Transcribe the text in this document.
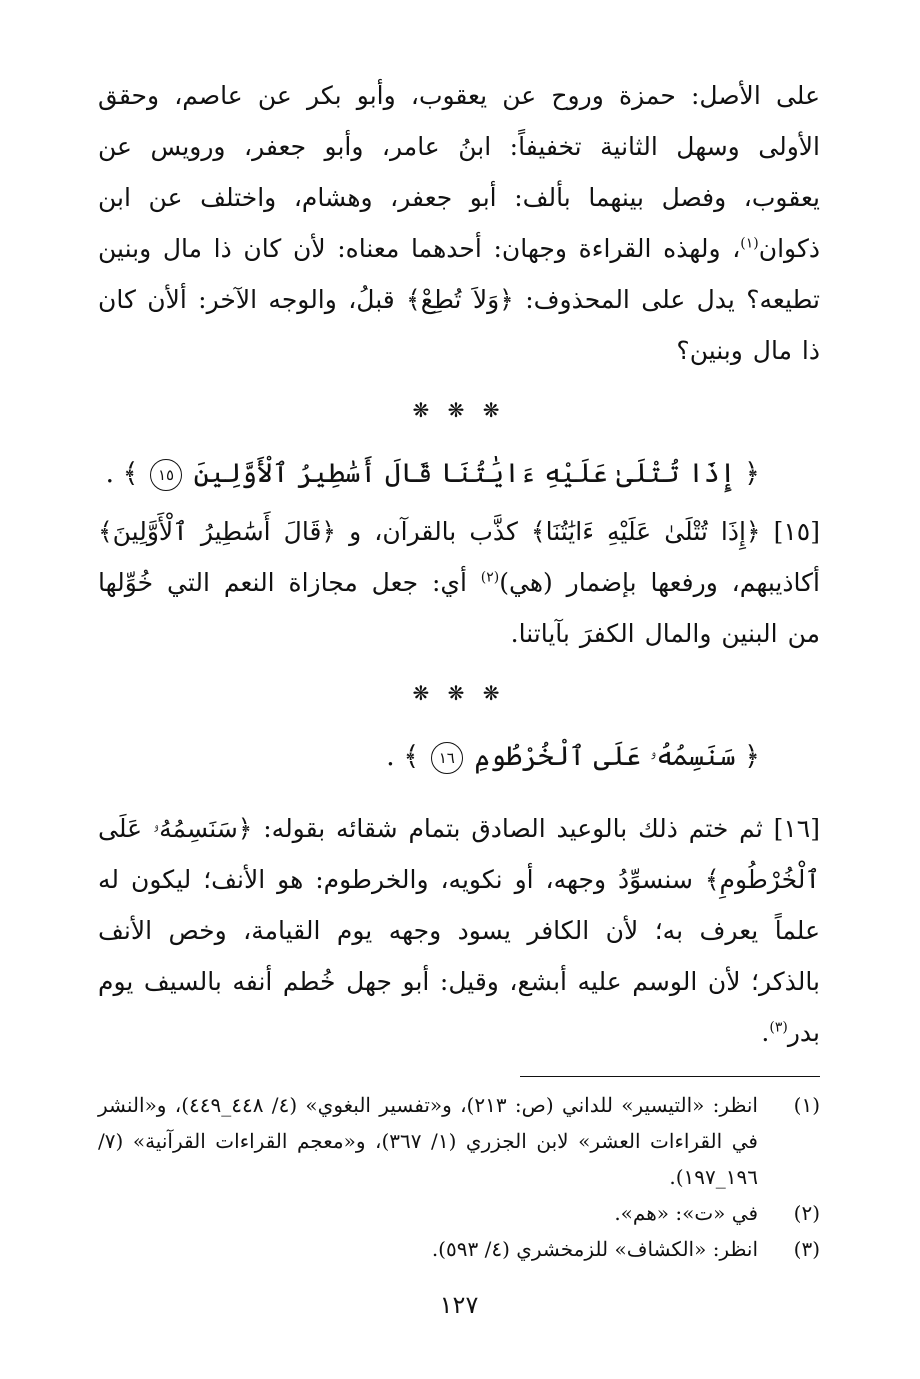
على الأصل: حمزة وروح عن يعقوب، وأبو بكر عن عاصم، وحقق الأولى وسهل الثانية تخفيفاً: ابنُ عامر، وأبو جعفر، ورويس عن يعقوب، وفصل بينهما بألف: أبو جعفر، وهشام، واختلف عن ابن ذكوان$^{(١)}$، ولهذه القراءة وجهان: أحدهما معناه: لأن كان ذا مال وبنين تطيعه؟ يدل على المحذوف: ﴿وَلاَ تُطِعْ﴾ قبلُ، والوجه الآخر: ألأن كان ذا مال وبنين؟

❋ ❋ ❋

﴿ إِذَا تُتْلَىٰ عَلَيْهِ ءَايَٰتُنَا قَالَ أَسَٰطِيرُ ٱلْأَوَّلِينَ ١٥ ﴾ .

[١٥] ﴿إِذَا تُتْلَىٰ عَلَيْهِ ءَايَٰتُنَا﴾ كذَّب بالقرآن، و ﴿قَالَ أَسَٰطِيرُ ٱلْأَوَّلِينَ﴾ أكاذيبهم، ورفعها بإضمار (هي)$^{(٢)}$ أي: جعل مجازاة النعم التي خُوِّلها من البنين والمال الكفرَ بآياتنا.

❋ ❋ ❋

﴿ سَنَسِمُهُۥ عَلَى ٱلْخُرْطُومِ ١٦ ﴾ .

[١٦] ثم ختم ذلك بالوعيد الصادق بتمام شقائه بقوله: ﴿سَنَسِمُهُۥ عَلَى ٱلْخُرْطُومِ﴾ سنسوِّدُ وجهه، أو نكويه، والخرطوم: هو الأنف؛ ليكون له علماً يعرف به؛ لأن الكافر يسود وجهه يوم القيامة، وخص الأنف بالذكر؛ لأن الوسم عليه أبشع، وقيل: أبو جهل خُطم أنفه بالسيف يوم بدر$^{(٣)}$.

(١)
انظر: «التيسير» للداني (ص: ٢١٣)، و«تفسير البغوي» (٤/ ٤٤٨_٤٤٩)، و«النشر في القراءات العشر» لابن الجزري (١/ ٣٦٧)، و«معجم القراءات القرآنية» (٧/ ١٩٦_١٩٧).

(٢)
في «ت»: «هم».

(٣)
انظر: «الكشاف» للزمخشري (٤/ ٥٩٣).

١٢٧
